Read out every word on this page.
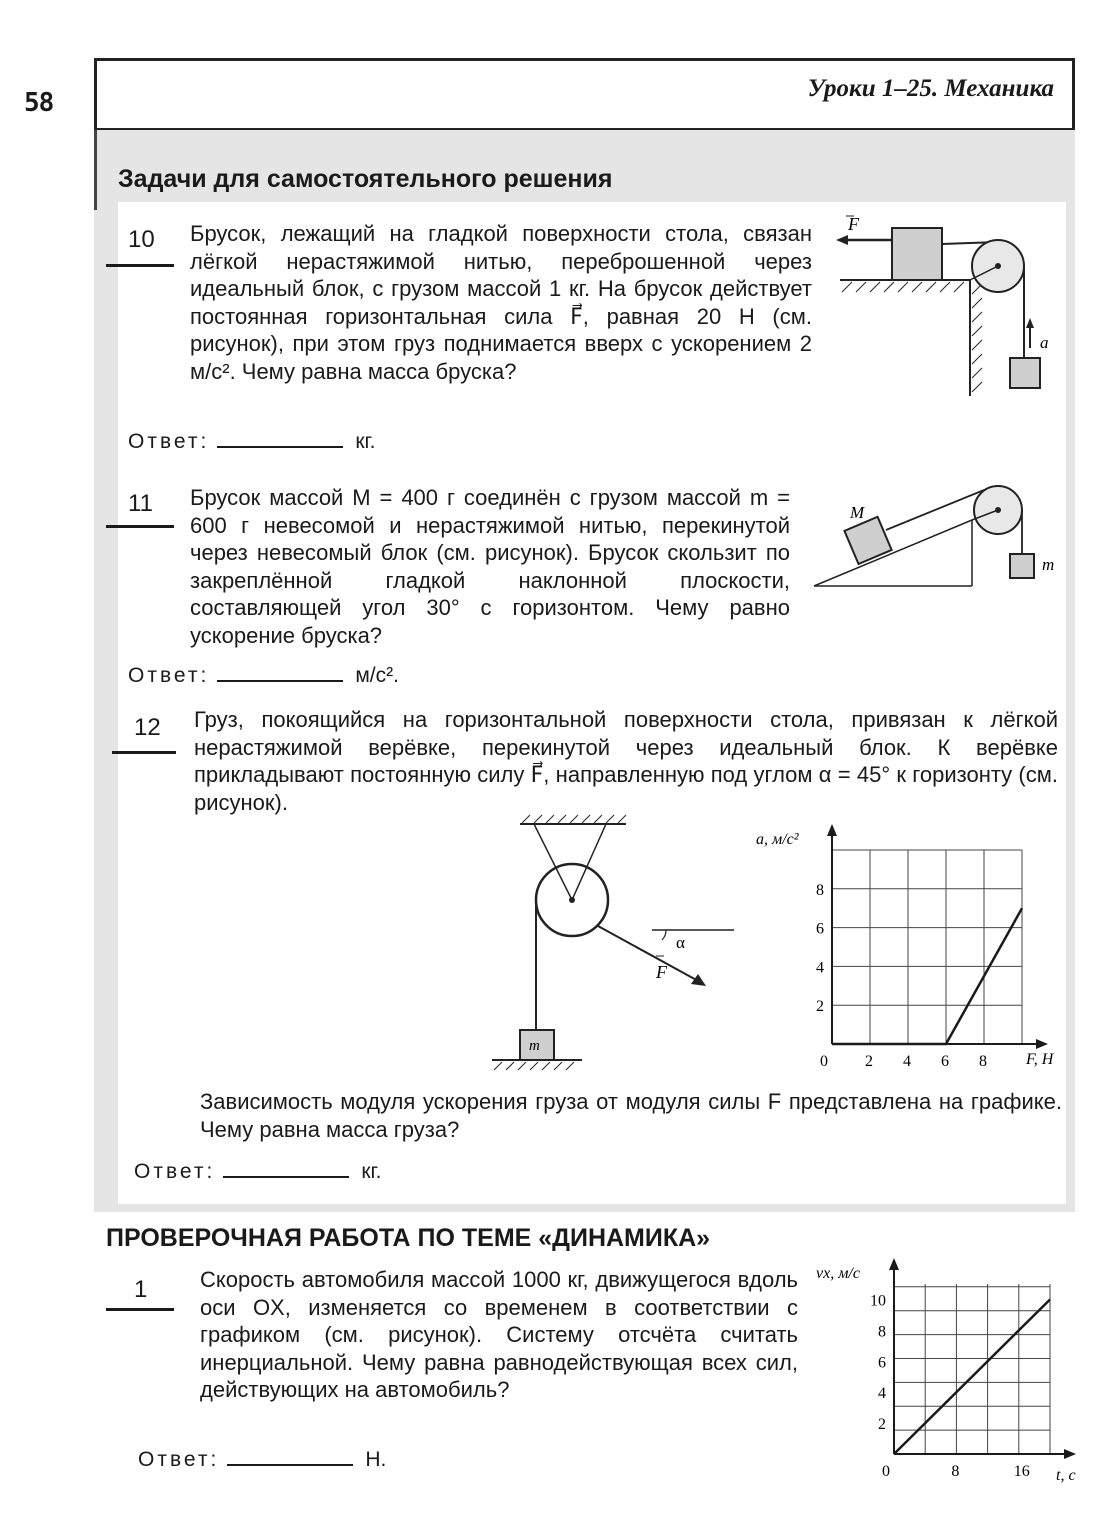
58	Уроки 1–25. Механика
Задачи для самостоятельного решения
10 Брусок, лежащий на гладкой поверхности стола, связан лёгкой нерастяжимой нитью, переброшенной через идеальный блок, с грузом массой 1 кг. На брусок действует постоянная горизонтальная сила F⃗, равная 20 Н (см. рисунок), при этом груз поднимается вверх с ускорением 2 м/с². Чему равна масса бруска?
Ответ:	кг.
F
a
11 Брусок массой M = 400 г соединён с грузом массой m = 600 г невесомой и нерастяжимой нитью, перекинутой через невесомый блок (см. рисунок). Брусок скользит по закреплённой гладкой наклонной плоскости, составляющей угол 30° с горизонтом. Чему равно ускорение бруска?
Ответ:	м/с².
M
m
12 Груз, покоящийся на горизонтальной поверхности стола, привязан к лёгкой нерастяжимой верёвке, перекинутой через идеальный блок. К верёвке прикладывают постоянную силу F⃗, направленную под углом α = 45° к горизонту (см. рисунок).
α
F
m
0 2 4 6 8
2
4
6
8
a, м/с²
F, Н
Зависимость модуля ускорения груза от модуля силы F представлена на графике. Чему равна масса груза?
Ответ:	кг.
ПРОВЕРОЧНАЯ РАБОТА ПО ТЕМЕ «ДИНАМИКА»
1 Скорость автомобиля массой 1000 кг, движущегося вдоль оси OX, изменяется со временем в соответствии с графиком (см. рисунок). Систему отсчёта считать инерциальной. Чему равна равнодействующая всех сил, действующих на автомобиль?
Ответ:	Н.
0	8	16
2
4
6
8
10
vx, м/с
t, с
